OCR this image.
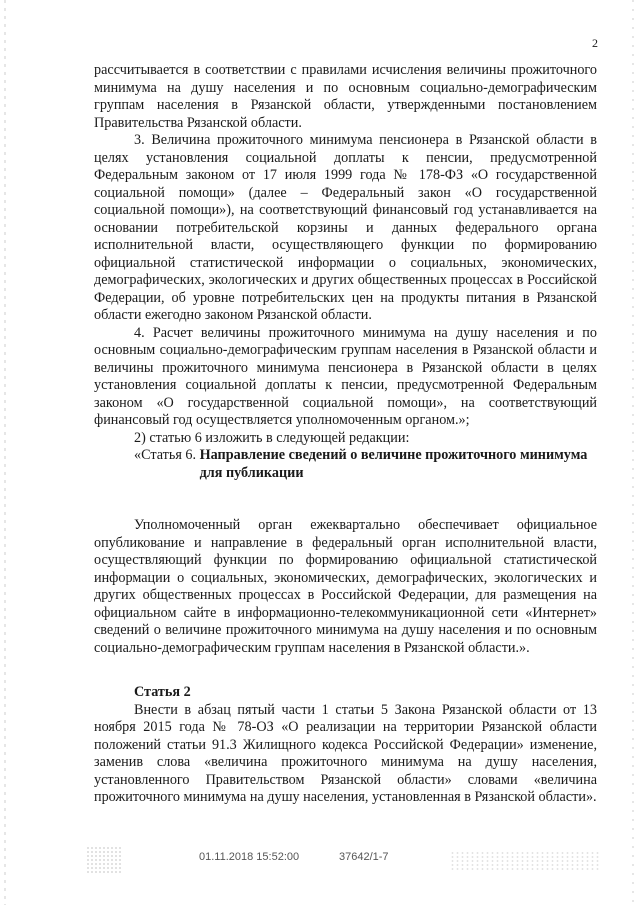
2

рассчитывается в соответствии с правилами исчисления величины прожиточного минимума на душу населения и по основным социально-демографическим группам населения в Рязанской области, утвержденными постановлением Правительства Рязанской области.

3. Величина прожиточного минимума пенсионера в Рязанской области в целях установления социальной доплаты к пенсии, предусмотренной Федеральным законом от 17 июля 1999 года № 178-ФЗ «О государственной социальной помощи» (далее – Федеральный закон «О государственной социальной помощи»), на соответствующий финансовый год устанавливается на основании потребительской корзины и данных федерального органа исполнительной власти, осуществляющего функции по формированию официальной статистической информации о социальных, экономических, демографических, экологических и других общественных процессах в Российской Федерации, об уровне потребительских цен на продукты питания в Рязанской области ежегодно законом Рязанской области.

4. Расчет величины прожиточного минимума на душу населения и по основным социально-демографическим группам населения в Рязанской области и величины прожиточного минимума пенсионера в Рязанской области в целях установления социальной доплаты к пенсии, предусмотренной Федеральным законом «О государственной социальной помощи», на соответствующий финансовый год осуществляется уполномоченным органом.»;

2) статью 6 изложить в следующей редакции:

«Статья 6. Направление сведений о величине прожиточного минимума для публикации

Уполномоченный орган ежеквартально обеспечивает официальное опубликование и направление в федеральный орган исполнительной власти, осуществляющий функции по формированию официальной статистической информации о социальных, экономических, демографических, экологических и других общественных процессах в Российской Федерации, для размещения на официальном сайте в информационно-телекоммуникационной сети «Интернет» сведений о величине прожиточного минимума на душу населения и по основным социально-демографическим группам населения в Рязанской области.».

Статья 2

Внести в абзац пятый части 1 статьи 5 Закона Рязанской области от 13 ноября 2015 года № 78-ОЗ «О реализации на территории Рязанской области положений статьи 91.3 Жилищного кодекса Российской Федерации» изменение, заменив слова «величина прожиточного минимума на душу населения, установленного Правительством Рязанской области» словами «величина прожиточного минимума на душу населения, установленная в Рязанской области».

01.11.2018 15:52:00	37642/1-7
